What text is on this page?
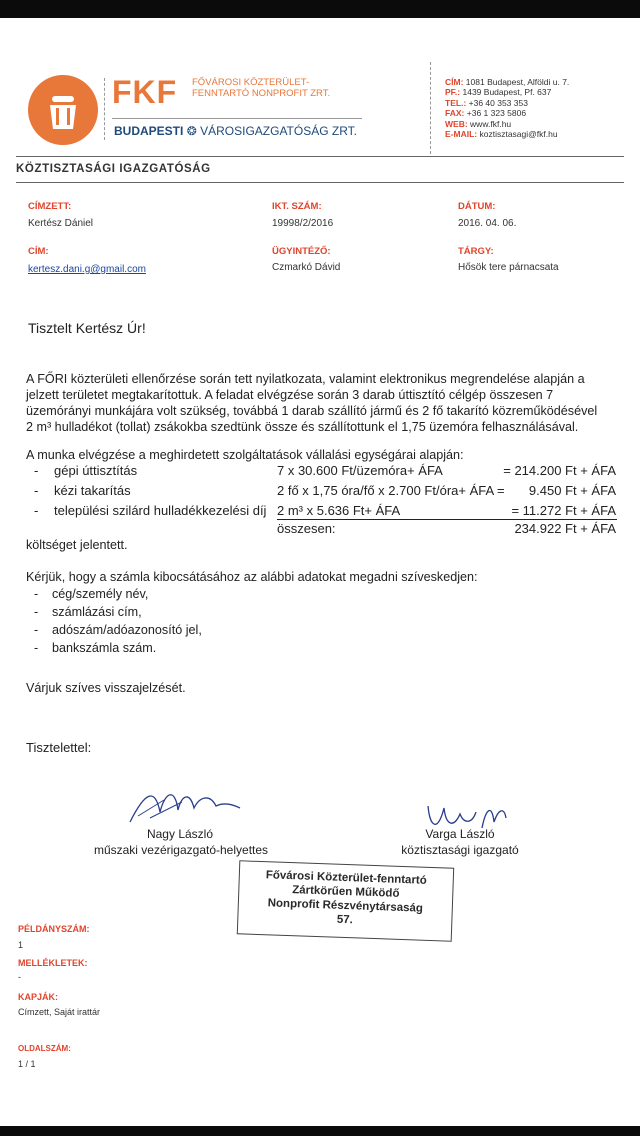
FKF FŐVÁROSI KÖZTERÜLET-
FENNTARTÓ NONPROFIT ZRT.
BUDAPESTI ❂ VÁROSIGAZGATÓSÁG ZRT.
CÍM: 1081 Budapest, Alföldi u. 7.
PF.: 1439 Budapest, Pf. 637
TEL.: +36 40 353 353
FAX: +36 1 323 5806
WEB: www.fkf.hu
E-MAIL: koztisztasagi@fkf.hu
KÖZTISZTASÁGI IGAZGATÓSÁG
CÍMZETT:
Kertész Dániel
IKT. SZÁM:
19998/2/2016
DÁTUM:
2016. 04. 06.
CÍM:
kertesz.dani.g@gmail.com
ÜGYINTÉZŐ:
Czmarkó Dávid
TÁRGY:
Hősök tere párnacsata
Tisztelt Kertész Úr!
A FŐRI közterületi ellenőrzése során tett nyilatkozata, valamint elektronikus megrendelése alapján a
jelzett területet megtakarítottuk. A feladat elvégzése során 3 darab úttisztító célgép összesen 7
üzemórányi munkájára volt szükség, továbbá 1 darab szállító jármű és 2 fő takarító közreműködésével
2 m³ hulladékot (tollat) zsákokba szedtünk össze és szállítottunk el 1,75 üzemóra felhasználásával.
A munka elvégzése a meghirdetett szolgáltatások vállalási egységárai alapján:
- gépi úttisztítás	7 x 30.600 Ft/üzemóra+ ÁFA	= 214.200 Ft + ÁFA
- kézi takarítás	2 fő x 1,75 óra/fő x 2.700 Ft/óra+ ÁFA = 9.450 Ft + ÁFA
- települési szilárd hulladékkezelési díj 2 m³ x 5.636 Ft+ ÁFA	= 11.272 Ft + ÁFA
összesen:	234.922 Ft + ÁFA
költséget jelentett.
Kérjük, hogy a számla kibocsátásához az alábbi adatokat megadni szíveskedjen:
- cég/személy név,
- számlázási cím,
- adószám/adóazonosító jel,
- bankszámla szám.
Várjuk szíves visszajelzését.
Tisztelettel:
Nagy László
műszaki vezérigazgató-helyettes
Varga László
köztisztasági igazgató
Fővárosi Közterület-fenntartó
Zártkörűen Működő
Nonprofit Részvénytársaság
57.
PÉLDÁNYSZÁM:
1
MELLÉKLETEK:
-
KAPJÁK:
Címzett, Saját irattár
OLDALSZÁM:
1 / 1
